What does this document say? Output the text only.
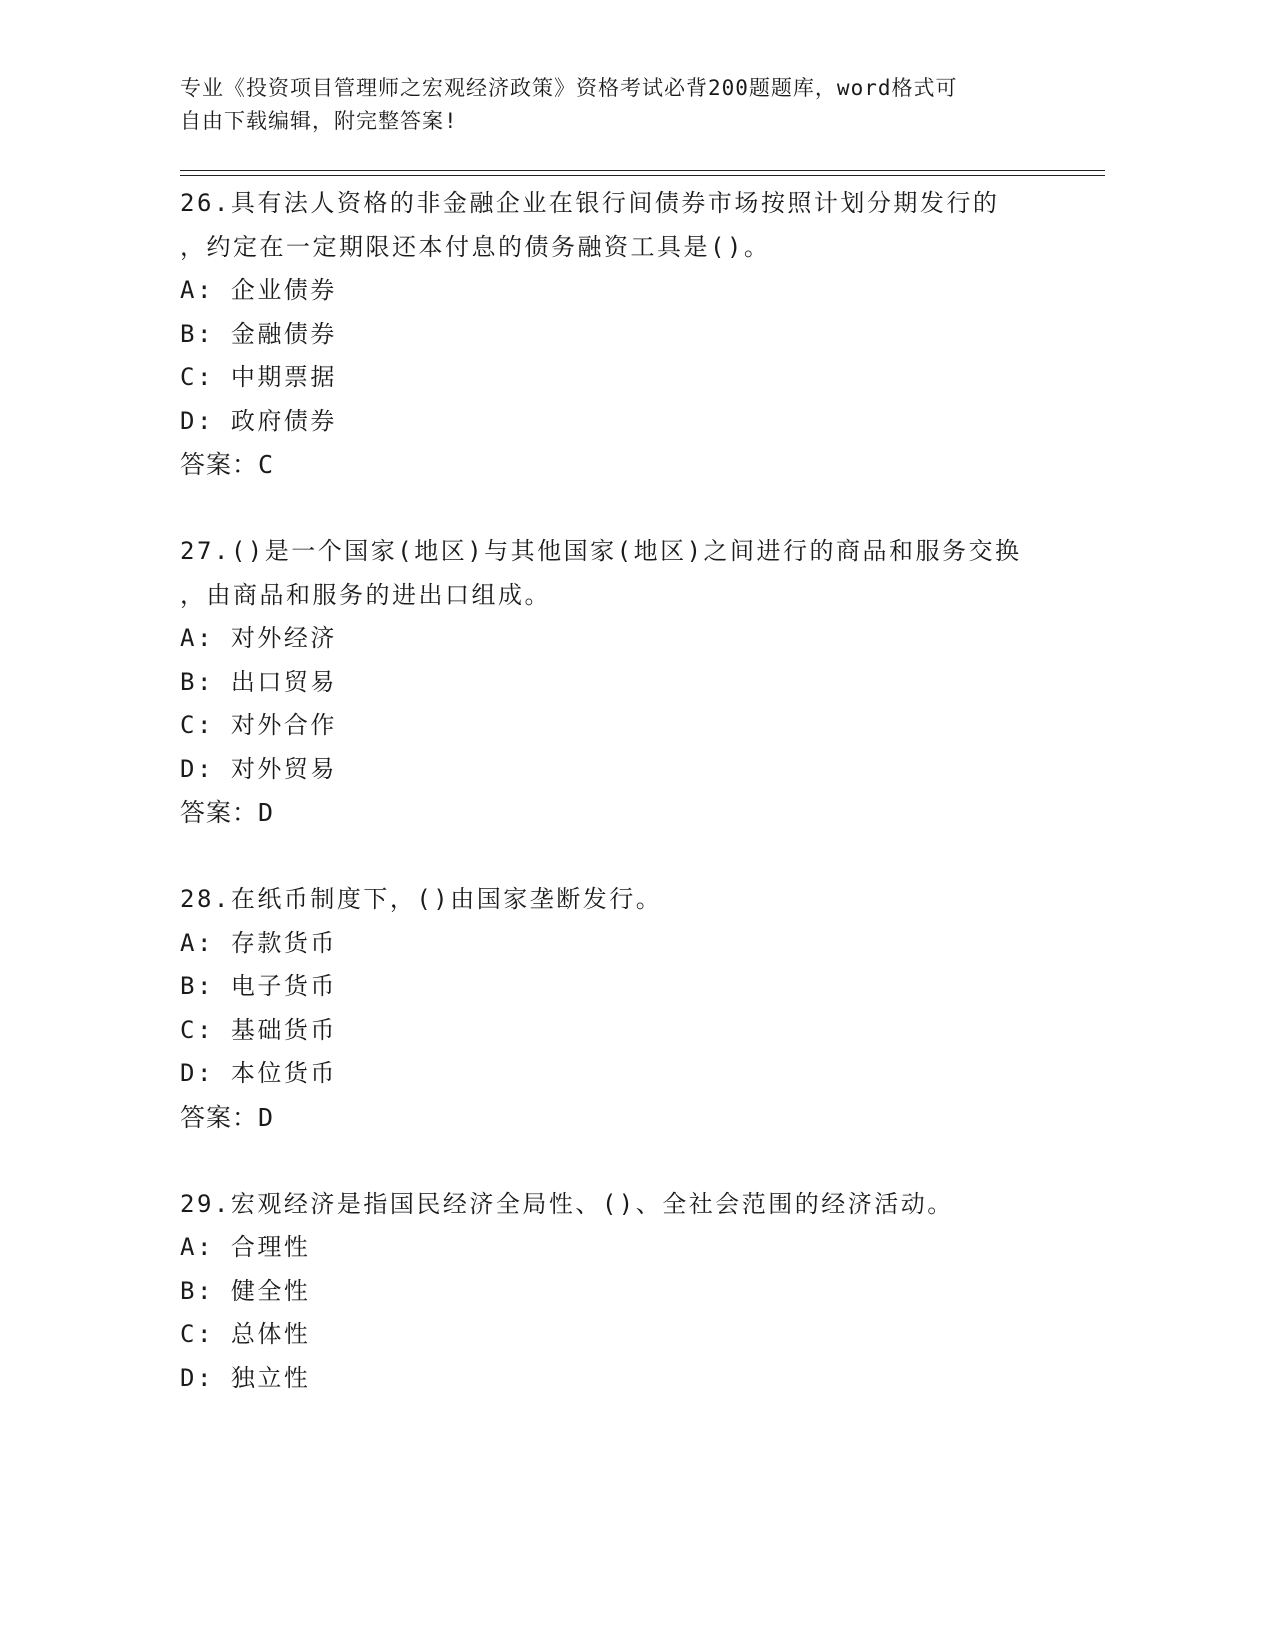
专业《投资项目管理师之宏观经济政策》资格考试必背200题题库，word格式可
自由下载编辑，附完整答案!

26.具有法人资格的非金融企业在银行间债券市场按照计划分期发行的

，约定在一定期限还本付息的债务融资工具是()。

A: 企业债券

B: 金融债券

C: 中期票据

D: 政府债券

答案：C

27.()是一个国家(地区)与其他国家(地区)之间进行的商品和服务交换

，由商品和服务的进出口组成。

A: 对外经济

B: 出口贸易

C: 对外合作

D: 对外贸易

答案：D

28.在纸币制度下，()由国家垄断发行。

A: 存款货币

B: 电子货币

C: 基础货币

D: 本位货币

答案：D

29.宏观经济是指国民经济全局性、()、全社会范围的经济活动。

A: 合理性

B: 健全性

C: 总体性

D: 独立性
